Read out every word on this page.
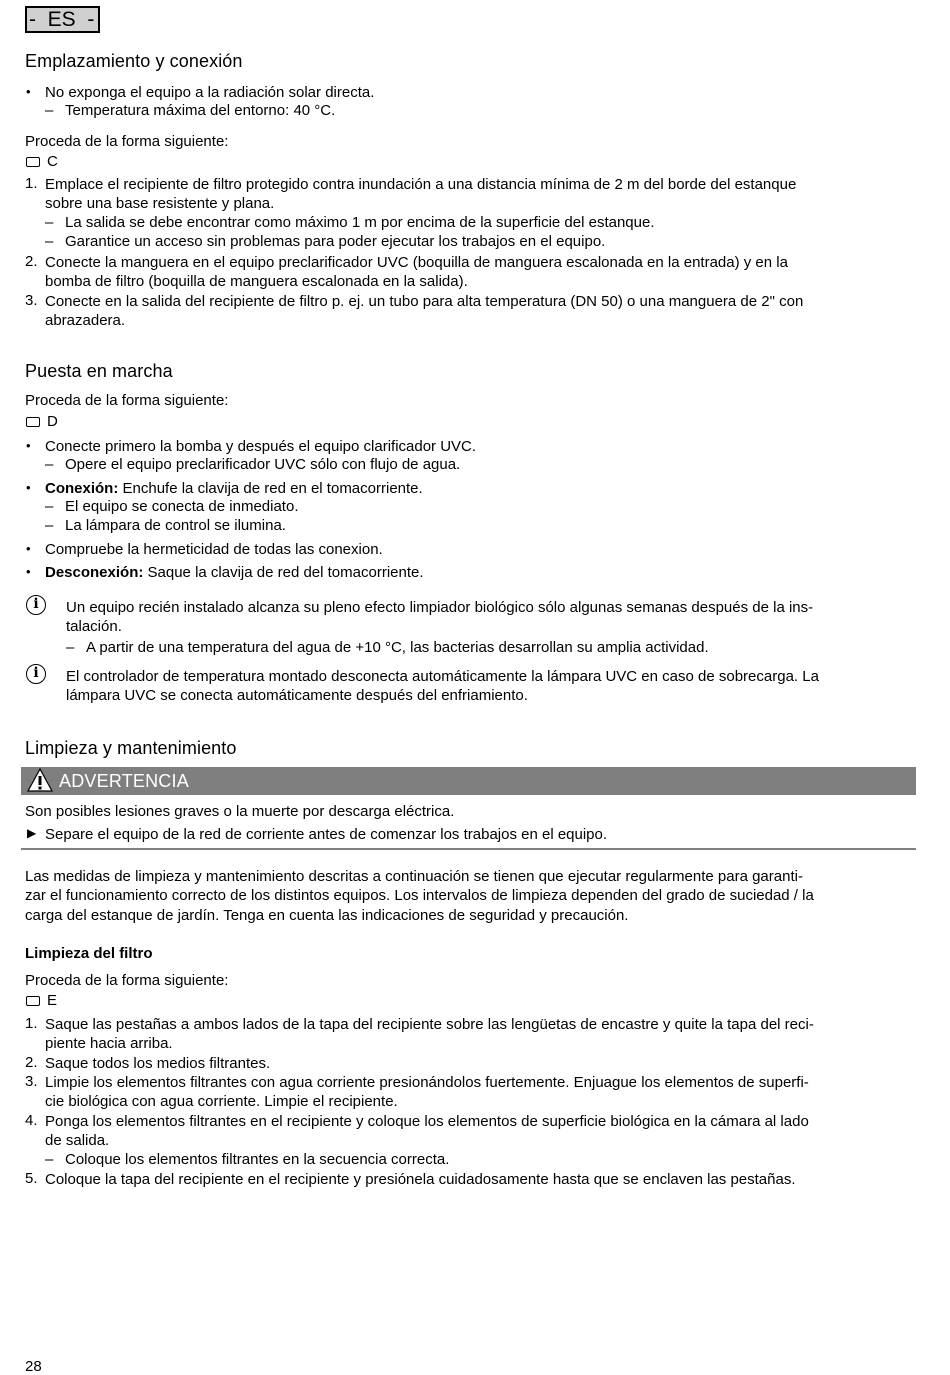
-  ES  -
Emplazamiento y conexión
• No exponga el equipo a la radiación solar directa.
– Temperatura máxima del entorno: 40 °C.
Proceda de la forma siguiente:
C
1. Emplace el recipiente de filtro protegido contra inundación a una distancia mínima de 2 m del borde del estanque
sobre una base resistente y plana.
– La salida se debe encontrar como máximo 1 m por encima de la superficie del estanque.
– Garantice un acceso sin problemas para poder ejecutar los trabajos en el equipo.
2. Conecte la manguera en el equipo preclarificador UVC (boquilla de manguera escalonada en la entrada) y en la
bomba de filtro (boquilla de manguera escalonada en la salida).
3. Conecte en la salida del recipiente de filtro p. ej. un tubo para alta temperatura (DN 50) o una manguera de 2" con
abrazadera.
Puesta en marcha
Proceda de la forma siguiente:
D
• Conecte primero la bomba y después el equipo clarificador UVC.
– Opere el equipo preclarificador UVC sólo con flujo de agua.
• Conexión: Enchufe la clavija de red en el tomacorriente.
– El equipo se conecta de inmediato.
– La lámpara de control se ilumina.
• Compruebe la hermeticidad de todas las conexion.
• Desconexión: Saque la clavija de red del tomacorriente.
i	Un equipo recién instalado alcanza su pleno efecto limpiador biológico sólo algunas semanas después de la ins-
talación.
– A partir de una temperatura del agua de +10 °C, las bacterias desarrollan su amplia actividad.
i	El controlador de temperatura montado desconecta automáticamente la lámpara UVC en caso de sobrecarga. La
lámpara UVC se conecta automáticamente después del enfriamiento.
Limpieza y mantenimiento
ADVERTENCIA
Son posibles lesiones graves o la muerte por descarga eléctrica.
▶ Separe el equipo de la red de corriente antes de comenzar los trabajos en el equipo.
Las medidas de limpieza y mantenimiento descritas a continuación se tienen que ejecutar regularmente para garanti-
zar el funcionamiento correcto de los distintos equipos. Los intervalos de limpieza dependen del grado de suciedad / la
carga del estanque de jardín. Tenga en cuenta las indicaciones de seguridad y precaución.
Limpieza del filtro
Proceda de la forma siguiente:
E
1. Saque las pestañas a ambos lados de la tapa del recipiente sobre las lengüetas de encastre y quite la tapa del reci-
piente hacia arriba.
2. Saque todos los medios filtrantes.
3. Limpie los elementos filtrantes con agua corriente presionándolos fuertemente. Enjuague los elementos de superfi-
cie biológica con agua corriente. Limpie el recipiente.
4. Ponga los elementos filtrantes en el recipiente y coloque los elementos de superficie biológica en la cámara al lado
de salida.
– Coloque los elementos filtrantes en la secuencia correcta.
5. Coloque la tapa del recipiente en el recipiente y presiónela cuidadosamente hasta que se enclaven las pestañas.
28
